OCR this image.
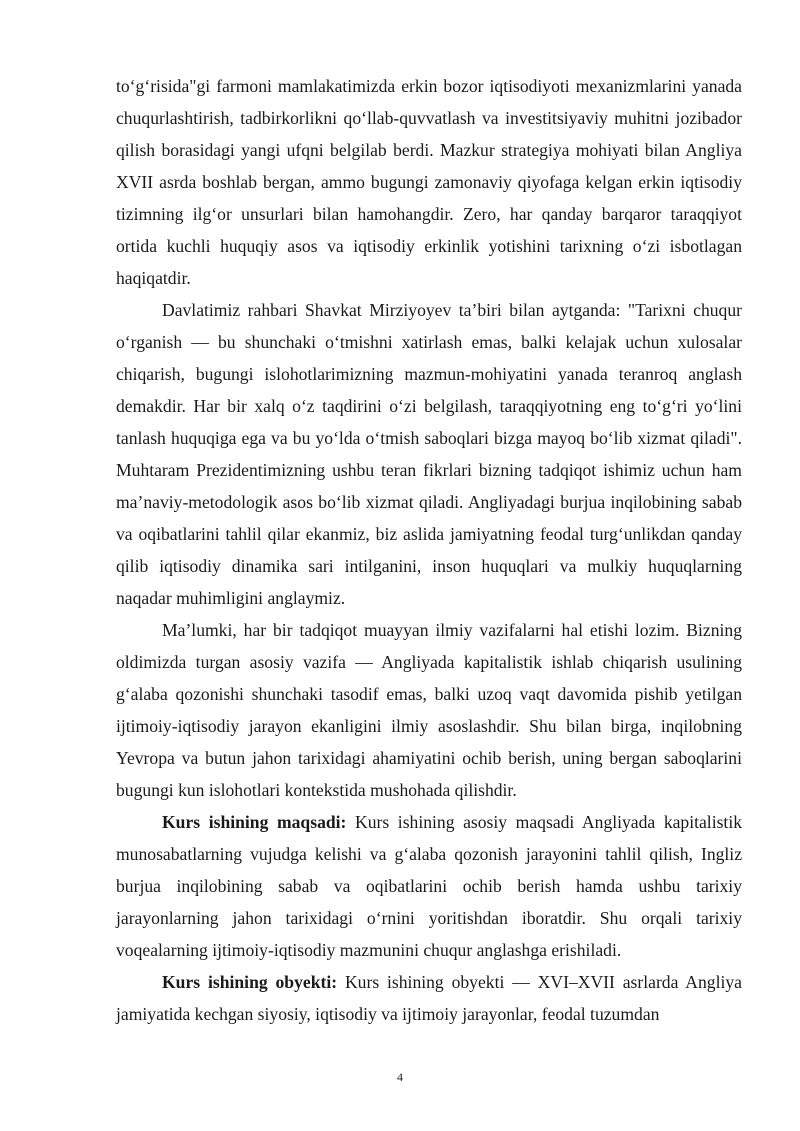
to‘g‘risida"gi farmoni mamlakatimizda erkin bozor iqtisodiyoti mexanizmlarini yanada chuqurlashtirish, tadbirkorlikni qo‘llab-quvvatlash va investitsiyaviy muhitni jozibador qilish borasidagi yangi ufqni belgilab berdi. Mazkur strategiya mohiyati bilan Angliya XVII asrda boshlab bergan, ammo bugungi zamonaviy qiyofaga kelgan erkin iqtisodiy tizimning ilg‘or unsurlari bilan hamohangdir. Zero, har qanday barqaror taraqqiyot ortida kuchli huquqiy asos va iqtisodiy erkinlik yotishini tarixning o‘zi isbotlagan haqiqatdir.

Davlatimiz rahbari Shavkat Mirziyoyev ta’biri bilan aytganda: "Tarixni chuqur o‘rganish — bu shunchaki o‘tmishni xatirlash emas, balki kelajak uchun xulosalar chiqarish, bugungi islohotlarimizning mazmun-mohiyatini yanada teranroq anglash demakdir. Har bir xalq o‘z taqdirini o‘zi belgilash, taraqqiyotning eng to‘g‘ri yo‘lini tanlash huquqiga ega va bu yo‘lda o‘tmish saboqlari bizga mayoq bo‘lib xizmat qiladi". Muhtaram Prezidentimizning ushbu teran fikrlari bizning tadqiqot ishimiz uchun ham ma’naviy-metodologik asos bo‘lib xizmat qiladi. Angliyadagi burjua inqilobining sabab va oqibatlarini tahlil qilar ekanmiz, biz aslida jamiyatning feodal turg‘unlikdan qanday qilib iqtisodiy dinamika sari intilganini, inson huquqlari va mulkiy huquqlarning naqadar muhimligini anglaymiz.

Ma’lumki, har bir tadqiqot muayyan ilmiy vazifalarni hal etishi lozim. Bizning oldimizda turgan asosiy vazifa — Angliyada kapitalistik ishlab chiqarish usulining g‘alaba qozonishi shunchaki tasodif emas, balki uzoq vaqt davomida pishib yetilgan ijtimoiy-iqtisodiy jarayon ekanligini ilmiy asoslashdir. Shu bilan birga, inqilobning Yevropa va butun jahon tarixidagi ahamiyatini ochib berish, uning bergan saboqlarini bugungi kun islohotlari kontekstida mushohada qilishdir.

Kurs ishining maqsadi: Kurs ishining asosiy maqsadi Angliyada kapitalistik munosabatlarning vujudga kelishi va g‘alaba qozonish jarayonini tahlil qilish, Ingliz burjua inqilobining sabab va oqibatlarini ochib berish hamda ushbu tarixiy jarayonlarning jahon tarixidagi o‘rnini yoritishdan iboratdir. Shu orqali tarixiy voqealarning ijtimoiy-iqtisodiy mazmunini chuqur anglashga erishiladi.

Kurs ishining obyekti: Kurs ishining obyekti — XVI–XVII asrlarda Angliya jamiyatida kechgan siyosiy, iqtisodiy va ijtimoiy jarayonlar, feodal tuzumdan

4
